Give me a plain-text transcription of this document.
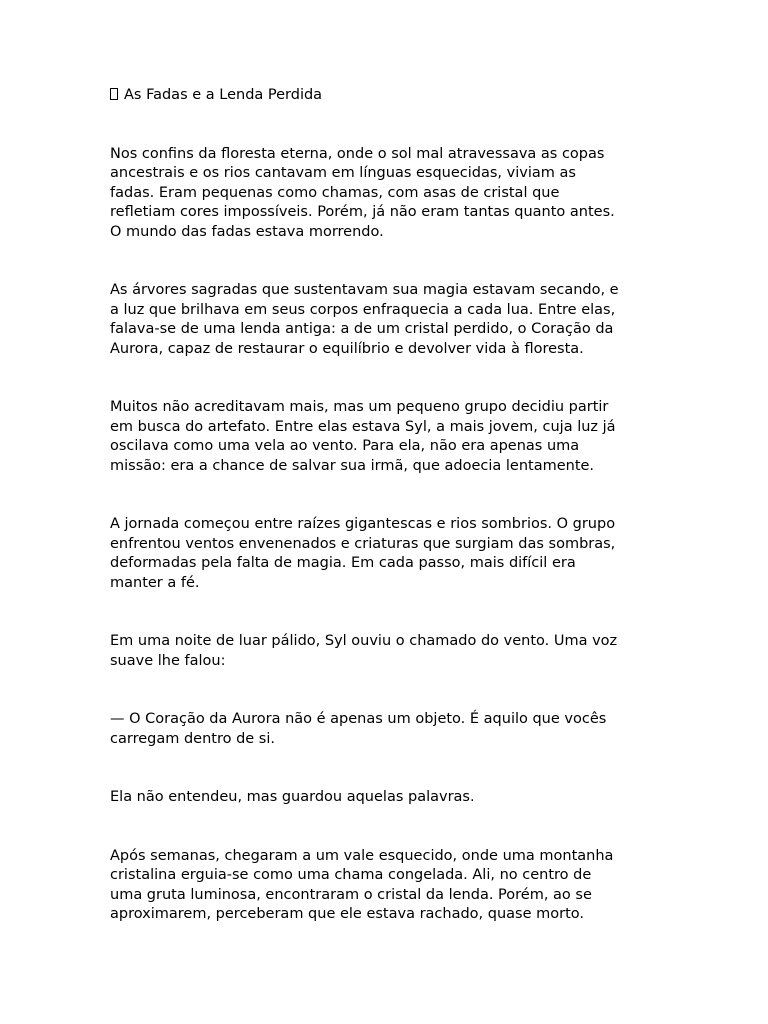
As Fadas e a Lenda Perdida

Nos confins da floresta eterna, onde o sol mal atravessava as copas
ancestrais e os rios cantavam em línguas esquecidas, viviam as
fadas. Eram pequenas como chamas, com asas de cristal que
refletiam cores impossíveis. Porém, já não eram tantas quanto antes.
O mundo das fadas estava morrendo.

As árvores sagradas que sustentavam sua magia estavam secando, e
a luz que brilhava em seus corpos enfraquecia a cada lua. Entre elas,
falava-se de uma lenda antiga: a de um cristal perdido, o Coração da
Aurora, capaz de restaurar o equilíbrio e devolver vida à floresta.

Muitos não acreditavam mais, mas um pequeno grupo decidiu partir
em busca do artefato. Entre elas estava Syl, a mais jovem, cuja luz já
oscilava como uma vela ao vento. Para ela, não era apenas uma
missão: era a chance de salvar sua irmã, que adoecia lentamente.

A jornada começou entre raízes gigantescas e rios sombrios. O grupo
enfrentou ventos envenenados e criaturas que surgiam das sombras,
deformadas pela falta de magia. Em cada passo, mais difícil era
manter a fé.

Em uma noite de luar pálido, Syl ouviu o chamado do vento. Uma voz
suave lhe falou:

— O Coração da Aurora não é apenas um objeto. É aquilo que vocês
carregam dentro de si.

Ela não entendeu, mas guardou aquelas palavras.

Após semanas, chegaram a um vale esquecido, onde uma montanha
cristalina erguia-se como uma chama congelada. Ali, no centro de
uma gruta luminosa, encontraram o cristal da lenda. Porém, ao se
aproximarem, perceberam que ele estava rachado, quase morto.
